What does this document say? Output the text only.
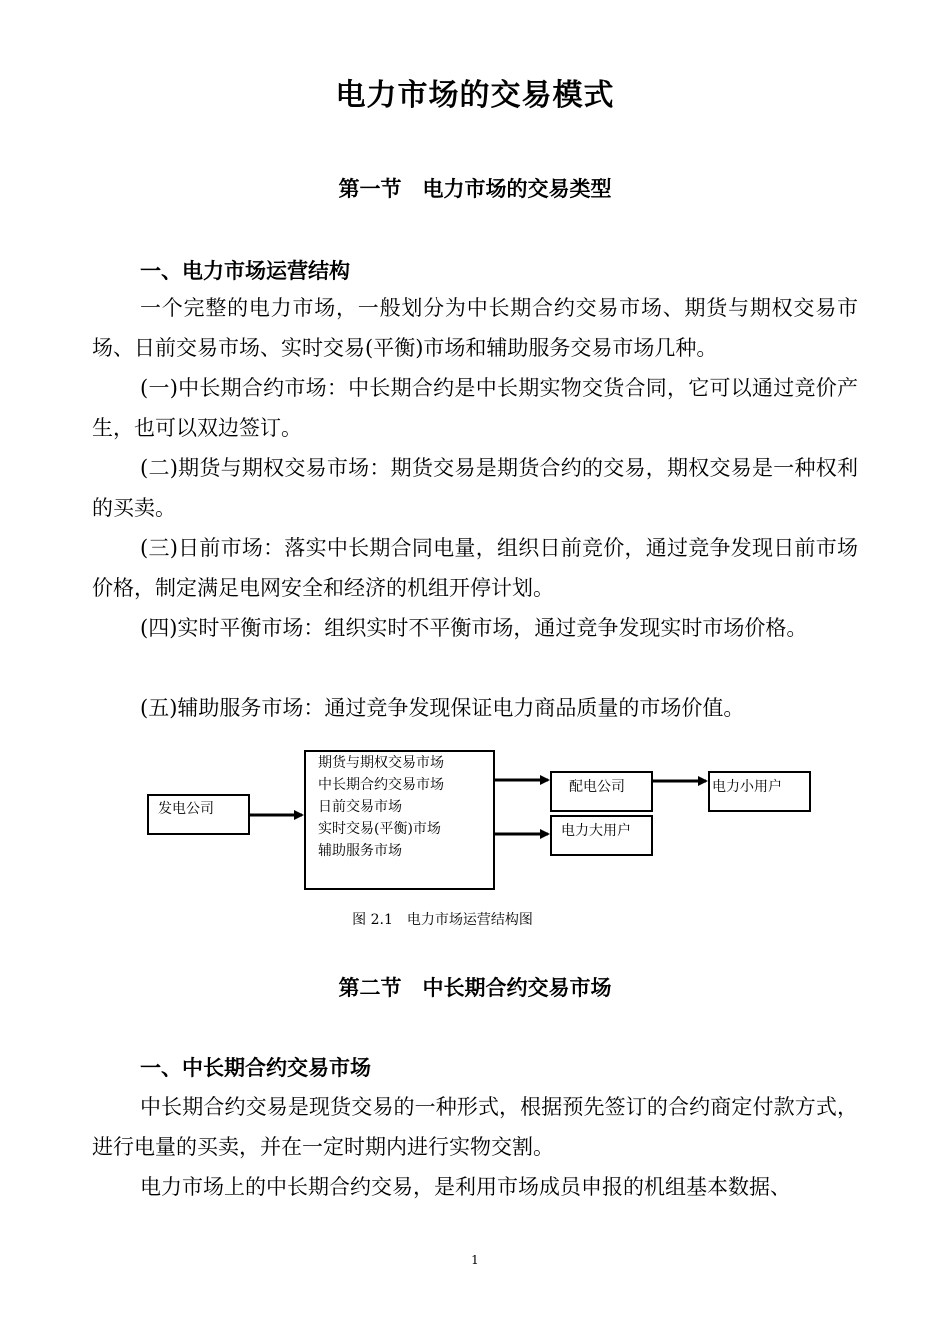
电力市场的交易模式
第一节　电力市场的交易类型
一、电力市场运营结构

一个完整的电力市场，一般划分为中长期合约交易市场、期货与期权交易市场、日前交易市场、实时交易(平衡)市场和辅助服务交易市场几种。

(一)中长期合约市场：中长期合约是中长期实物交货合同，它可以通过竞价产生，也可以双边签订。

(二)期货与期权交易市场：期货交易是期货合约的交易，期权交易是一种权利的买卖。

(三)日前市场：落实中长期合同电量，组织日前竞价，通过竞争发现日前市场价格，制定满足电网安全和经济的机组开停计划。

(四)实时平衡市场：组织实时不平衡市场，通过竞争发现实时市场价格。

(五)辅助服务市场：通过竞争发现保证电力商品质量的市场价值。

发电公司
期货与期权交易市场
中长期合约交易市场
日前交易市场
实时交易(平衡)市场
辅助服务市场
配电公司
电力大用户
电力小用户

图 2.1　电力市场运营结构图

第二节　中长期合约交易市场
一、中长期合约交易市场

中长期合约交易是现货交易的一种形式，根据预先签订的合约商定付款方式，进行电量的买卖，并在一定时期内进行实物交割。

电力市场上的中长期合约交易，是利用市场成员申报的机组基本数据、

1
